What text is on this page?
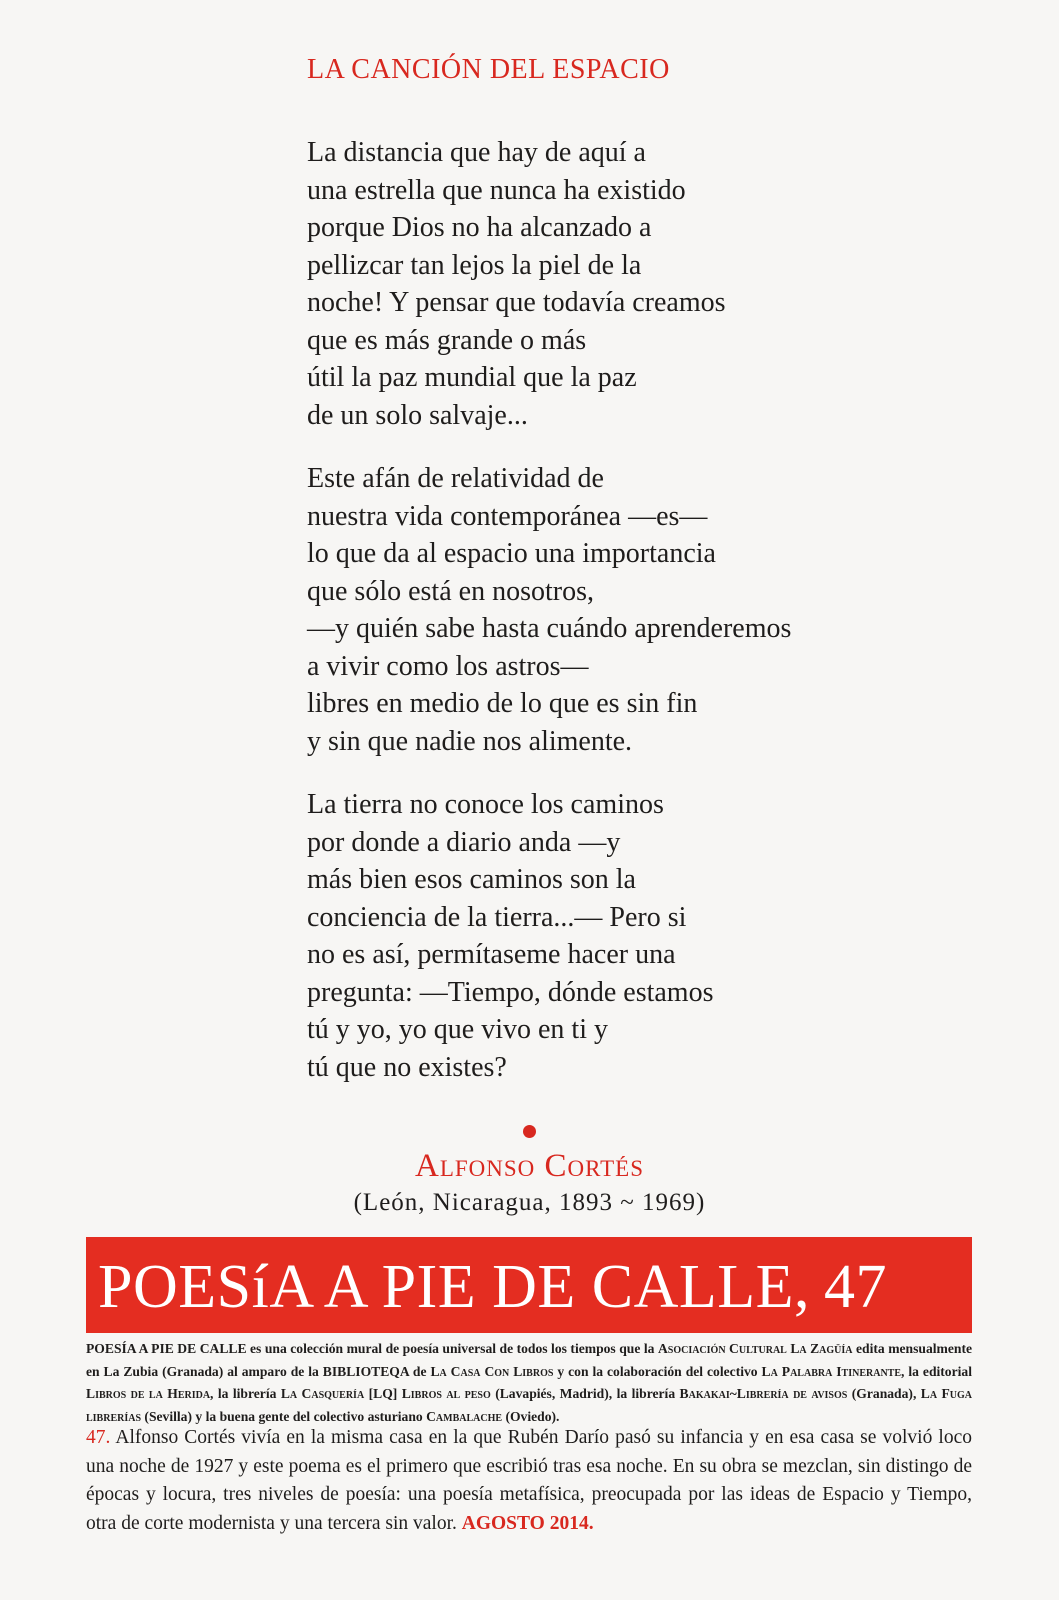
LA CANCIÓN DEL ESPACIO
La distancia que hay de aquí a
una estrella que nunca ha existido
porque Dios no ha alcanzado a
pellizcar tan lejos la piel de la
noche! Y pensar que todavía creamos
que es más grande o más
útil la paz mundial que la paz
de un solo salvaje...
Este afán de relatividad de
nuestra vida contemporánea —es—
lo que da al espacio una importancia
que sólo está en nosotros,
—y quién sabe hasta cuándo aprenderemos
a vivir como los astros—
libres en medio de lo que es sin fin
y sin que nadie nos alimente.
La tierra no conoce los caminos
por donde a diario anda —y
más bien esos caminos son la
conciencia de la tierra...— Pero si
no es así, permítaseme hacer una
pregunta: —Tiempo, dónde estamos
tú y yo, yo que vivo en ti y
tú que no existes?
Alfonso Cortés
(León, Nicaragua, 1893 ~ 1969)
POESíA A PIE DE CALLE, 47
POESÍA A PIE DE CALLE es una colección mural de poesía universal de todos los tiempos que la Asociación Cultural La Zagüía edita mensualmente en La Zubia (Granada) al amparo de la BIBLIOTEQA de La Casa Con Libros y con la colaboración del colectivo La Palabra Itinerante, la editorial Libros de la Herida, la librería La Casquería [LQ] Libros al peso (Lavapiés, Madrid), la librería Bakakai~Librería de avisos (Granada), La Fuga librerías (Sevilla) y la buena gente del colectivo asturiano Cambalache (Oviedo).
47. Alfonso Cortés vivía en la misma casa en la que Rubén Darío pasó su infancia y en esa casa se volvió loco una noche de 1927 y este poema es el primero que escribió tras esa noche. En su obra se mezclan, sin distingo de épocas y locura, tres niveles de poesía: una poesía metafísica, preocupada por las ideas de Espacio y Tiempo, otra de corte modernista y una tercera sin valor. AGOSTO 2014.
